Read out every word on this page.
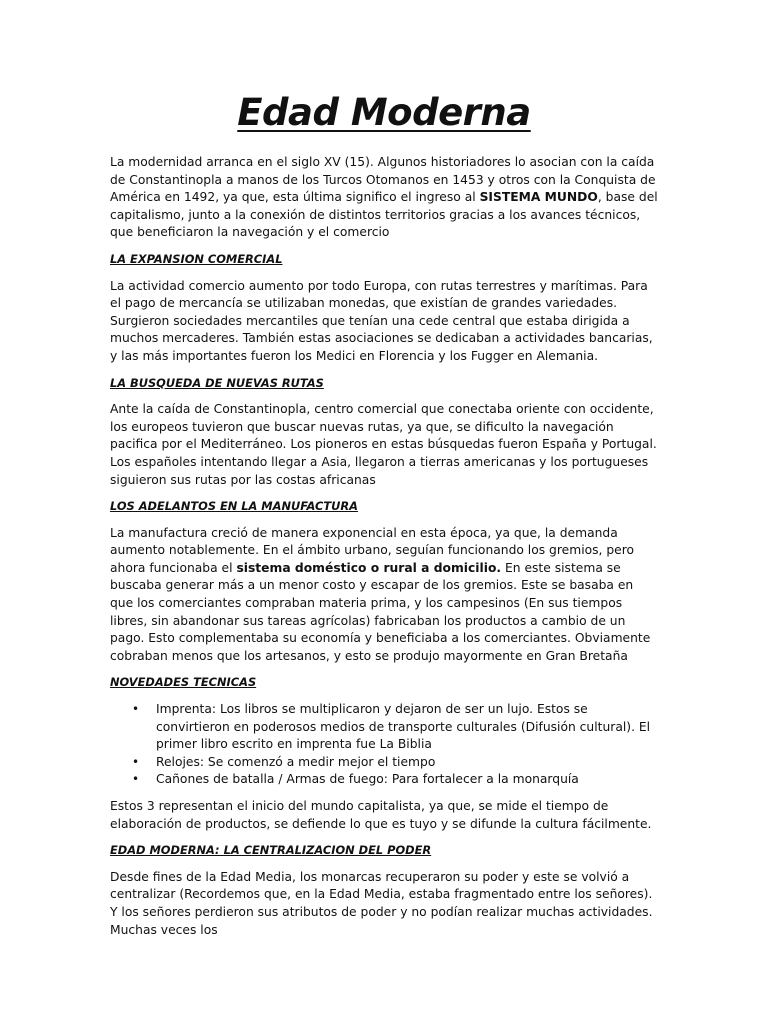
Edad Moderna

La modernidad arranca en el siglo XV (15). Algunos historiadores lo asocian con la caída de Constantinopla a manos de los Turcos Otomanos en 1453 y otros con la Conquista de América en 1492, ya que, esta última significo el ingreso al SISTEMA MUNDO, base del capitalismo, junto a la conexión de distintos territorios gracias a los avances técnicos, que beneficiaron la navegación y el comercio

LA EXPANSION COMERCIAL

La actividad comercio aumento por todo Europa, con rutas terrestres y marítimas. Para el pago de mercancía se utilizaban monedas, que existían de grandes variedades. Surgieron sociedades mercantiles que tenían una cede central que estaba dirigida a muchos mercaderes. También estas asociaciones se dedicaban a actividades bancarias, y las más importantes fueron los Medici en Florencia y los Fugger en Alemania.

LA BUSQUEDA DE NUEVAS RUTAS

Ante la caída de Constantinopla, centro comercial que conectaba oriente con occidente, los europeos tuvieron que buscar nuevas rutas, ya que, se dificulto la navegación pacifica por el Mediterráneo. Los pioneros en estas búsquedas fueron España y Portugal. Los españoles intentando llegar a Asia, llegaron a tierras americanas y los portugueses siguieron sus rutas por las costas africanas

LOS ADELANTOS EN LA MANUFACTURA

La manufactura creció de manera exponencial en esta época, ya que, la demanda aumento notablemente. En el ámbito urbano, seguían funcionando los gremios, pero ahora funcionaba el sistema doméstico o rural a domicilio. En este sistema se buscaba generar más a un menor costo y escapar de los gremios. Este se basaba en que los comerciantes compraban materia prima, y los campesinos (En sus tiempos libres, sin abandonar sus tareas agrícolas) fabricaban los productos a cambio de un pago. Esto complementaba su economía y beneficiaba a los comerciantes. Obviamente cobraban menos que los artesanos, y esto se produjo mayormente en Gran Bretaña

NOVEDADES TECNICAS
• Imprenta: Los libros se multiplicaron y dejaron de ser un lujo. Estos se convirtieron en poderosos medios de transporte culturales (Difusión cultural). El primer libro escrito en imprenta fue La Biblia
• Relojes: Se comenzó a medir mejor el tiempo
• Cañones de batalla / Armas de fuego: Para fortalecer a la monarquía

Estos 3 representan el inicio del mundo capitalista, ya que, se mide el tiempo de elaboración de productos, se defiende lo que es tuyo y se difunde la cultura fácilmente.

EDAD MODERNA: LA CENTRALIZACION DEL PODER

Desde fines de la Edad Media, los monarcas recuperaron su poder y este se volvió a centralizar (Recordemos que, en la Edad Media, estaba fragmentado entre los señores). Y los señores perdieron sus atributos de poder y no podían realizar muchas actividades. Muchas veces los
